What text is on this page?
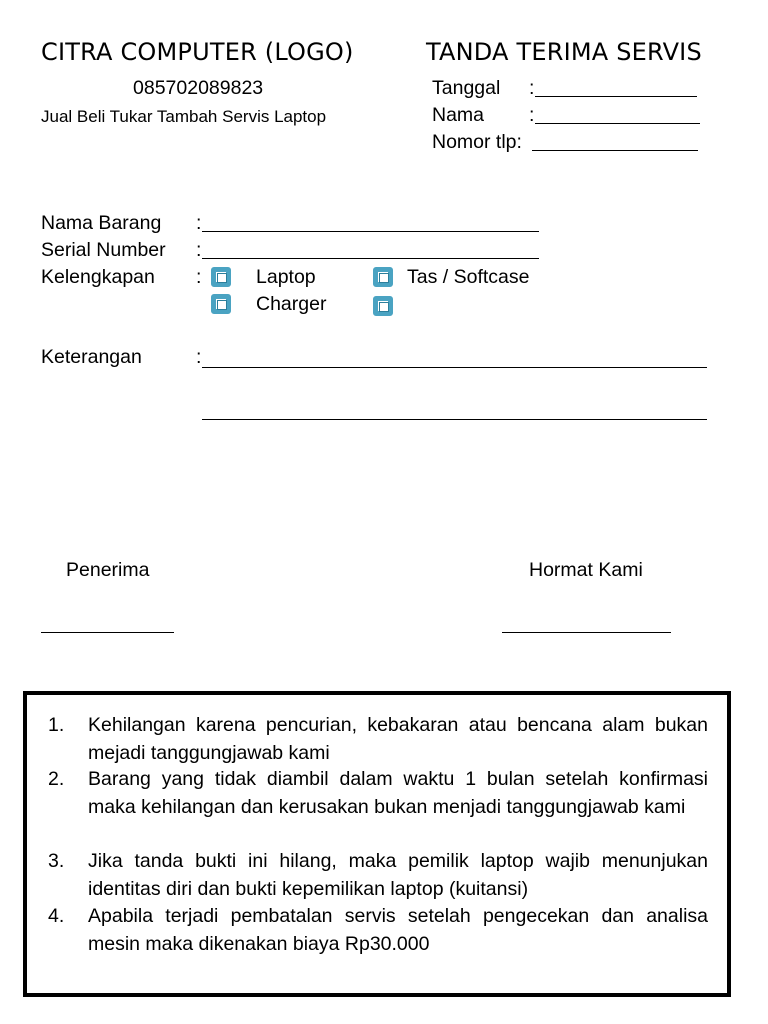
CITRA COMPUTER (LOGO)
085702089823
Jual Beli Tukar Tambah Servis Laptop
TANDA TERIMA SERVIS
Tanggal :
Nama :
Nomor tlp:
Nama Barang :
Serial Number :
Kelengkapan :	Laptop	Tas / Softcase
Charger
Keterangan	:
Penerima	Hormat Kami
1. Kehilangan karena pencurian, kebakaran atau bencana alam bukan mejadi tanggungjawab kami
2. Barang yang tidak diambil dalam waktu 1 bulan setelah konfirmasi maka kehilangan dan kerusakan bukan menjadi tanggungjawab kami
3. Jika tanda bukti ini hilang, maka pemilik laptop wajib menunjukan identitas diri dan bukti kepemilikan laptop (kuitansi)
4. Apabila terjadi pembatalan servis setelah pengecekan dan analisa mesin maka dikenakan biaya Rp30.000
